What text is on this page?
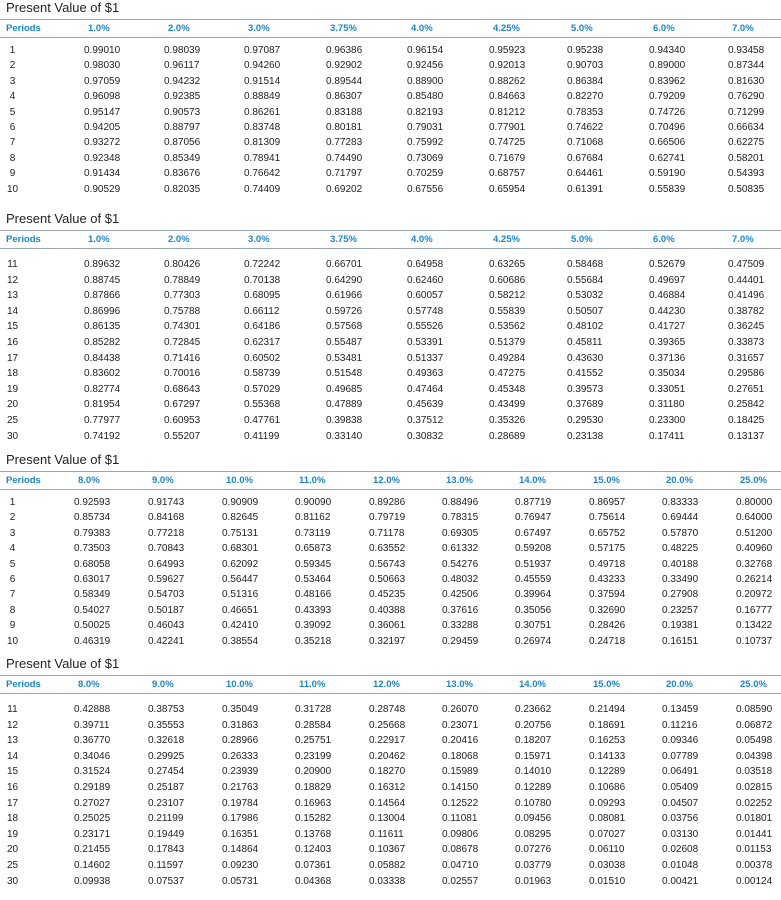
Present Value of $1
Periods	1.0%	2.0%	3.0%	3.75%	4.0%	4.25%	5.0%	6.0%	7.0%
1	0.99010	0.98039	0.97087	0.96386	0.96154	0.95923	0.95238	0.94340	0.93458
2	0.98030	0.96117	0.94260	0.92902	0.92456	0.92013	0.90703	0.89000	0.87344
3	0.97059	0.94232	0.91514	0.89544	0.88900	0.88262	0.86384	0.83962	0.81630
4	0.96098	0.92385	0.88849	0.86307	0.85480	0.84663	0.82270	0.79209	0.76290
5	0.95147	0.90573	0.86261	0.83188	0.82193	0.81212	0.78353	0.74726	0.71299
6	0.94205	0.88797	0.83748	0.80181	0.79031	0.77901	0.74622	0.70496	0.66634
7	0.93272	0.87056	0.81309	0.77283	0.75992	0.74725	0.71068	0.66506	0.62275
8	0.92348	0.85349	0.78941	0.74490	0.73069	0.71679	0.67684	0.62741	0.58201
9	0.91434	0.83676	0.76642	0.71797	0.70259	0.68757	0.64461	0.59190	0.54393
10	0.90529	0.82035	0.74409	0.69202	0.67556	0.65954	0.61391	0.55839	0.50835
Present Value of $1
Periods	1.0%	2.0%	3.0%	3.75%	4.0%	4.25%	5.0%	6.0%	7.0%
11	0.89632	0.80426	0.72242	0.66701	0.64958	0.63265	0.58468	0.52679	0.47509
12	0.88745	0.78849	0.70138	0.64290	0.62460	0.60686	0.55684	0.49697	0.44401
13	0.87866	0.77303	0.68095	0.61966	0.60057	0.58212	0.53032	0.46884	0.41496
14	0.86996	0.75788	0.66112	0.59726	0.57748	0.55839	0.50507	0.44230	0.38782
15	0.86135	0.74301	0.64186	0.57568	0.55526	0.53562	0.48102	0.41727	0.36245
16	0.85282	0.72845	0.62317	0.55487	0.53391	0.51379	0.45811	0.39365	0.33873
17	0.84438	0.71416	0.60502	0.53481	0.51337	0.49284	0.43630	0.37136	0.31657
18	0.83602	0.70016	0.58739	0.51548	0.49363	0.47275	0.41552	0.35034	0.29586
19	0.82774	0.68643	0.57029	0.49685	0.47464	0.45348	0.39573	0.33051	0.27651
20	0.81954	0.67297	0.55368	0.47889	0.45639	0.43499	0.37689	0.31180	0.25842
25	0.77977	0.60953	0.47761	0.39838	0.37512	0.35326	0.29530	0.23300	0.18425
30	0.74192	0.55207	0.41199	0.33140	0.30832	0.28689	0.23138	0.17411	0.13137
Present Value of $1
Periods	8.0%	9.0%	10.0%	11.0%	12.0%	13.0%	14.0%	15.0%	20.0%	25.0%
1	0.92593	0.91743	0.90909	0.90090	0.89286	0.88496	0.87719	0.86957	0.83333	0.80000
2	0.85734	0.84168	0.82645	0.81162	0.79719	0.78315	0.76947	0.75614	0.69444	0.64000
3	0.79383	0.77218	0.75131	0.73119	0.71178	0.69305	0.67497	0.65752	0.57870	0.51200
4	0.73503	0.70843	0.68301	0.65873	0.63552	0.61332	0.59208	0.57175	0.48225	0.40960
5	0.68058	0.64993	0.62092	0.59345	0.56743	0.54276	0.51937	0.49718	0.40188	0.32768
6	0.63017	0.59627	0.56447	0.53464	0.50663	0.48032	0.45559	0.43233	0.33490	0.26214
7	0.58349	0.54703	0.51316	0.48166	0.45235	0.42506	0.39964	0.37594	0.27908	0.20972
8	0.54027	0.50187	0.46651	0.43393	0.40388	0.37616	0.35056	0.32690	0.23257	0.16777
9	0.50025	0.46043	0.42410	0.39092	0.36061	0.33288	0.30751	0.28426	0.19381	0.13422
10	0.46319	0.42241	0.38554	0.35218	0.32197	0.29459	0.26974	0.24718	0.16151	0.10737
Present Value of $1
Periods	8.0%	9.0%	10.0%	11.0%	12.0%	13.0%	14.0%	15.0%	20.0%	25.0%
11	0.42888	0.38753	0.35049	0.31728	0.28748	0.26070	0.23662	0.21494	0.13459	0.08590
12	0.39711	0.35553	0.31863	0.28584	0.25668	0.23071	0.20756	0.18691	0.11216	0.06872
13	0.36770	0.32618	0.28966	0.25751	0.22917	0.20416	0.18207	0.16253	0.09346	0.05498
14	0.34046	0.29925	0.26333	0.23199	0.20462	0.18068	0.15971	0.14133	0.07789	0.04398
15	0.31524	0.27454	0.23939	0.20900	0.18270	0.15989	0.14010	0.12289	0.06491	0.03518
16	0.29189	0.25187	0.21763	0.18829	0.16312	0.14150	0.12289	0.10686	0.05409	0.02815
17	0.27027	0.23107	0.19784	0.16963	0.14564	0.12522	0.10780	0.09293	0.04507	0.02252
18	0.25025	0.21199	0.17986	0.15282	0.13004	0.11081	0.09456	0.08081	0.03756	0.01801
19	0.23171	0.19449	0.16351	0.13768	0.11611	0.09806	0.08295	0.07027	0.03130	0.01441
20	0.21455	0.17843	0.14864	0.12403	0.10367	0.08678	0.07276	0.06110	0.02608	0.01153
25	0.14602	0.11597	0.09230	0.07361	0.05882	0.04710	0.03779	0.03038	0.01048	0.00378
30	0.09938	0.07537	0.05731	0.04368	0.03338	0.02557	0.01963	0.01510	0.00421	0.00124
